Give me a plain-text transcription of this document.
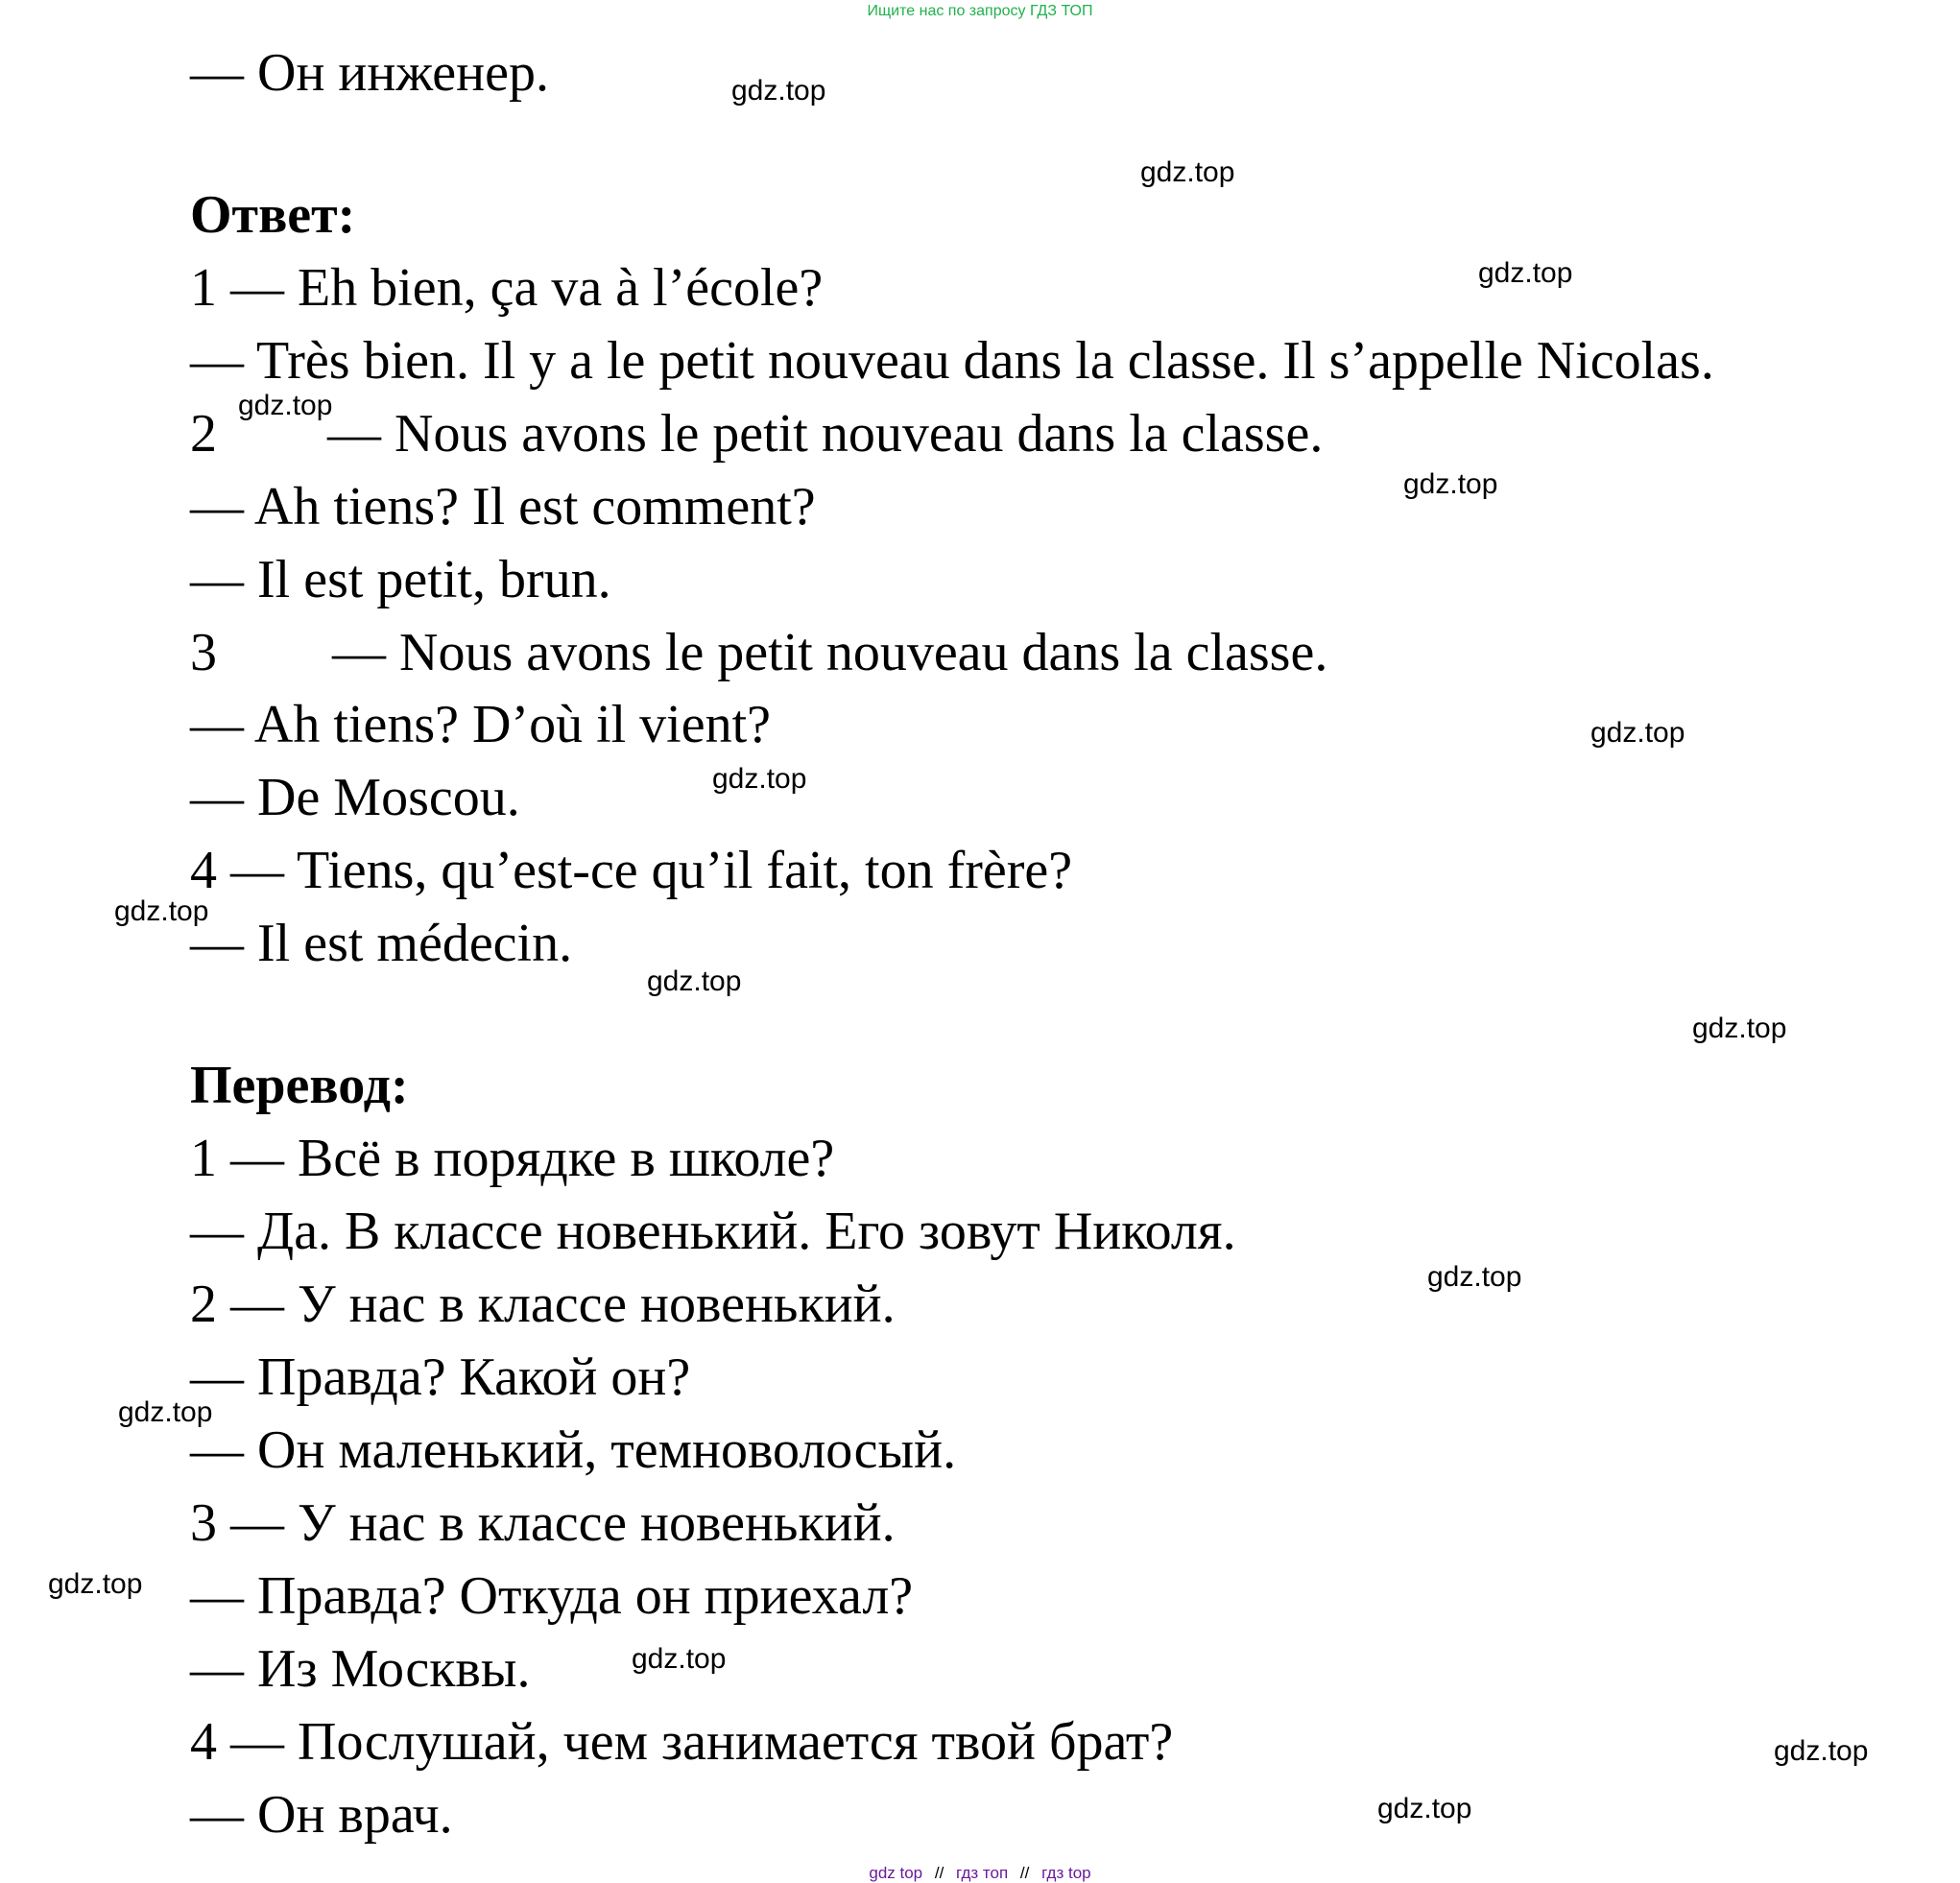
Ищите нас по запросу ГДЗ ТОП
— Он инженер.
Ответ:
1 — Eh bien, ça va à l’école?
— Très bien. Il y a le petit nouveau dans la classe. Il s’appelle Nicolas.
2 — Nous avons le petit nouveau dans la classe.
— Ah tiens? Il est comment?
— Il est petit, brun.
3 — Nous avons le petit nouveau dans la classe.
— Ah tiens? D’où il vient?
— De Moscou.
4 — Tiens, qu’est-ce qu’il fait, ton frère?
— Il est médecin.
Перевод:
1 — Всё в порядке в школе?
— Да. В классе новенький. Его зовут Николя.
2 — У нас в классе новенький.
— Правда? Какой он?
— Он маленький, темноволосый.
3 — У нас в классе новенький.
— Правда? Откуда он приехал?
— Из Москвы.
4 — Послушай, чем занимается твой брат?
— Он врач.
gdz.top
gdz.top
gdz.top
gdz.top
gdz.top
gdz.top
gdz.top
gdz.top
gdz.top
gdz.top
gdz.top
gdz.top
gdz.top
gdz.top
gdz.top
gdz.top
gdz top // гдз топ // гдз top
